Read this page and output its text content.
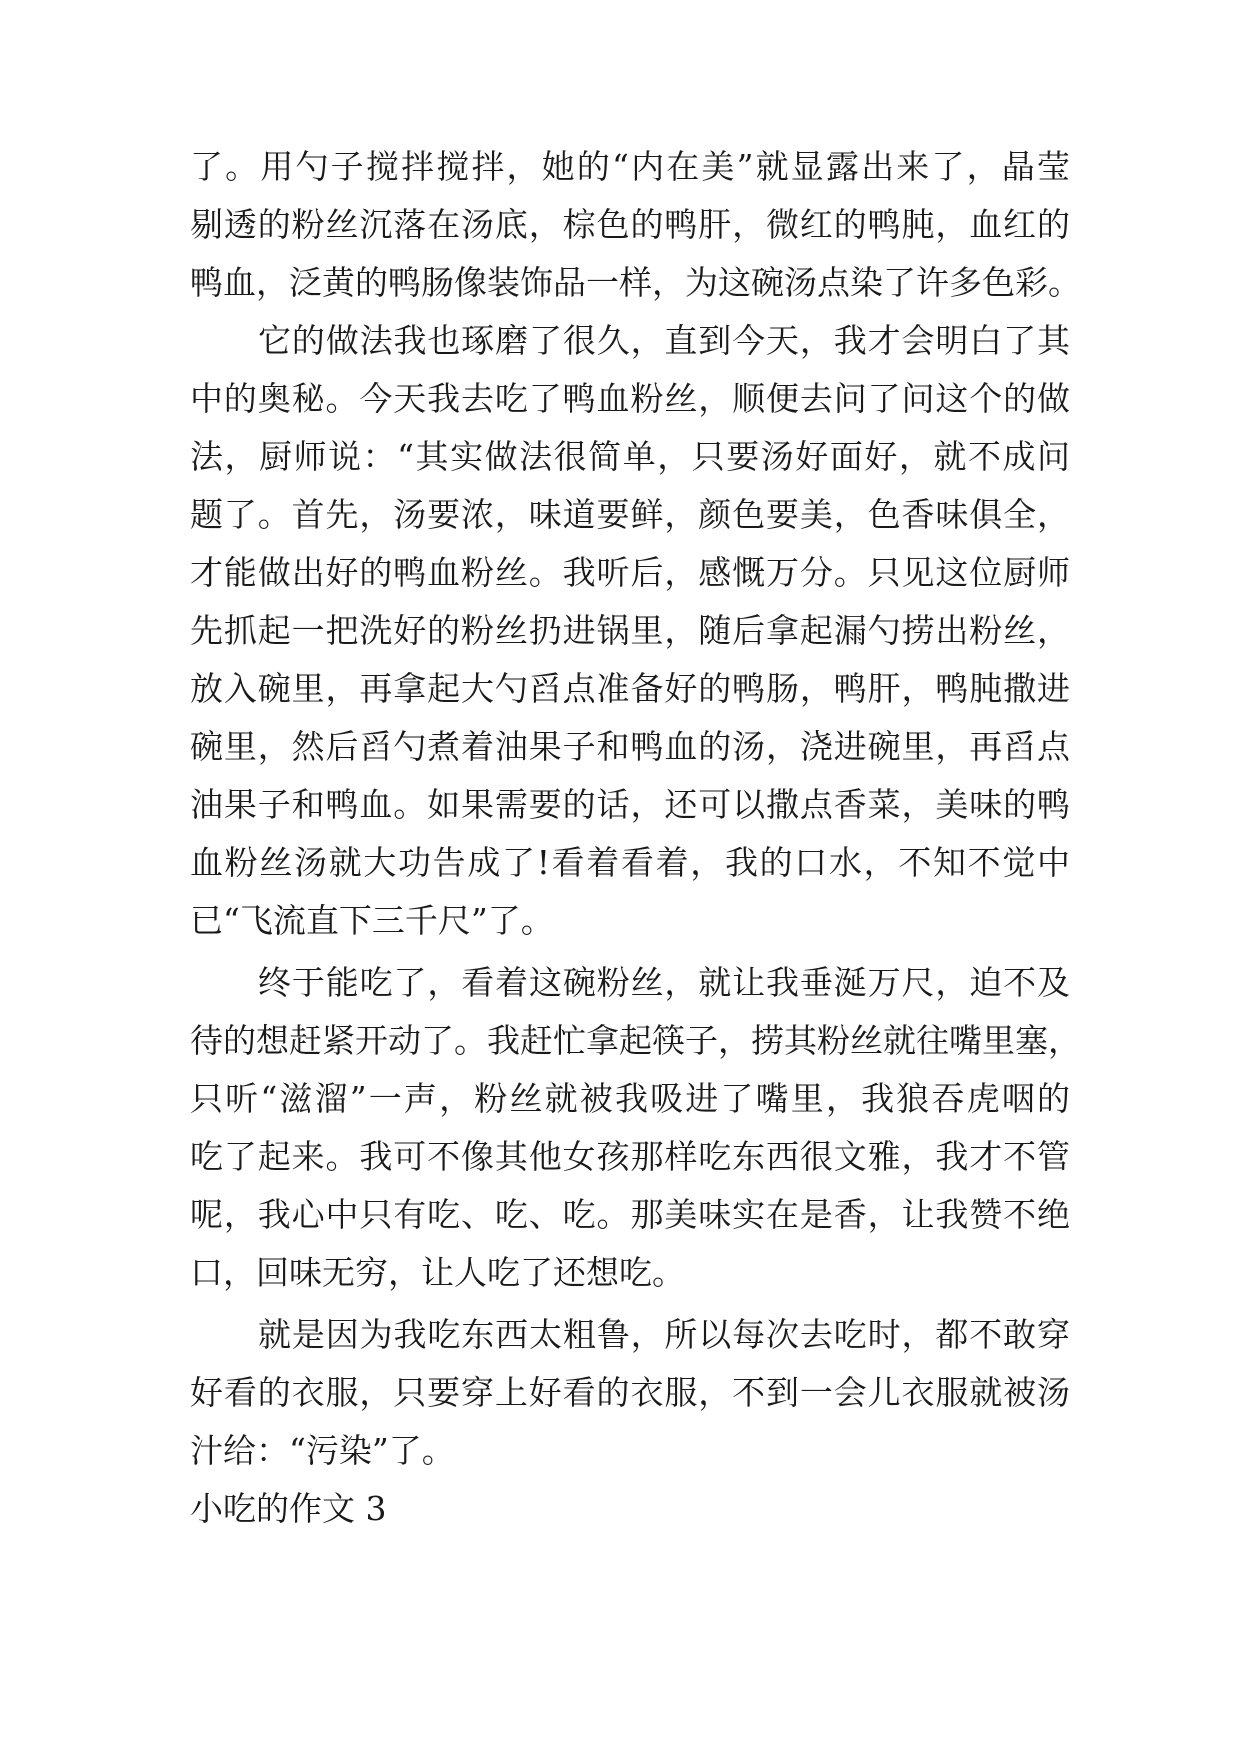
了。用勺子搅拌搅拌，她的“内在美”就显露出来了，晶莹
剔透的粉丝沉落在汤底，棕色的鸭肝，微红的鸭肫，血红的
鸭血，泛黄的鸭肠像装饰品一样，为这碗汤点染了许多色彩。
它的做法我也琢磨了很久，直到今天，我才会明白了其
中的奥秘。今天我去吃了鸭血粉丝，顺便去问了问这个的做
法，厨师说：“其实做法很简单，只要汤好面好，就不成问
题了。首先，汤要浓，味道要鲜，颜色要美，色香味俱全，
才能做出好的鸭血粉丝。我听后，感慨万分。只见这位厨师
先抓起一把洗好的粉丝扔进锅里，随后拿起漏勺捞出粉丝，
放入碗里，再拿起大勺舀点准备好的鸭肠，鸭肝，鸭肫撒进
碗里，然后舀勺煮着油果子和鸭血的汤，浇进碗里，再舀点
油果子和鸭血。如果需要的话，还可以撒点香菜，美味的鸭
血粉丝汤就大功告成了!看着看着，我的口水，不知不觉中
已“飞流直下三千尺”了。
终于能吃了，看着这碗粉丝，就让我垂涎万尺，迫不及
待的想赶紧开动了。我赶忙拿起筷子，捞其粉丝就往嘴里塞，
只听“滋溜”一声，粉丝就被我吸进了嘴里，我狼吞虎咽的
吃了起来。我可不像其他女孩那样吃东西很文雅，我才不管
呢，我心中只有吃、吃、吃。那美味实在是香，让我赞不绝
口，回味无穷，让人吃了还想吃。
就是因为我吃东西太粗鲁，所以每次去吃时，都不敢穿
好看的衣服，只要穿上好看的衣服，不到一会儿衣服就被汤
汁给：“污染”了。
小吃的作文 3
